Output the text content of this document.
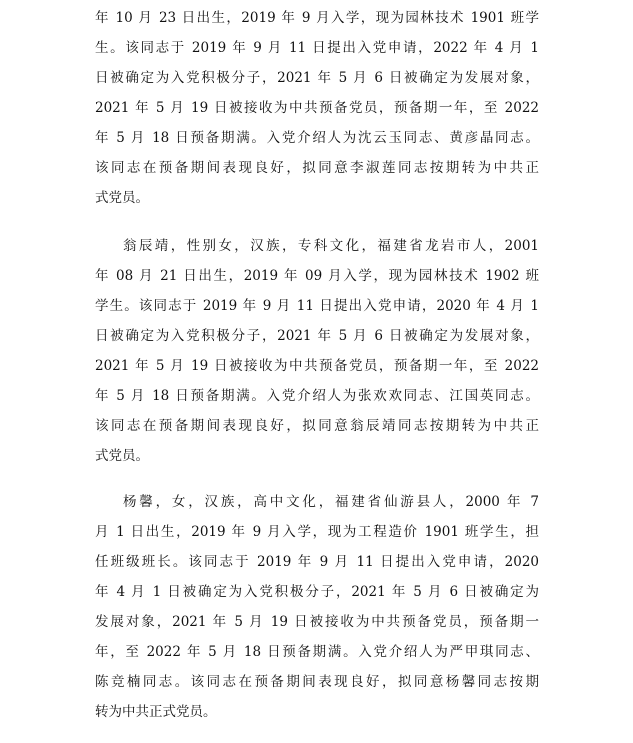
年 10 月 23 日出生，2019 年 9 月入学，现为园林技术 1901 班学
生。该同志于 2019 年 9 月 11 日提出入党申请，2022 年 4 月 1
日被确定为入党积极分子，2021 年 5 月 6 日被确定为发展对象，
2021 年 5 月 19 日被接收为中共预备党员，预备期一年，至 2022
年 5 月 18 日预备期满。入党介绍人为沈云玉同志、黄彦晶同志。
该同志在预备期间表现良好，拟同意李淑莲同志按期转为中共正
式党员。
翁辰靖，性别女，汉族，专科文化，福建省龙岩市人，2001
年 08 月 21 日出生，2019 年 09 月入学，现为园林技术 1902 班
学生。该同志于 2019 年 9 月 11 日提出入党申请，2020 年 4 月 1
日被确定为入党积极分子，2021 年 5 月 6 日被确定为发展对象，
2021 年 5 月 19 日被接收为中共预备党员，预备期一年，至 2022
年 5 月 18 日预备期满。入党介绍人为张欢欢同志、江国英同志。
该同志在预备期间表现良好，拟同意翁辰靖同志按期转为中共正
式党员。
杨馨，女，汉族，高中文化，福建省仙游县人，2000 年 7
月 1 日出生，2019 年 9 月入学，现为工程造价 1901 班学生，担
任班级班长。该同志于 2019 年 9 月 11 日提出入党申请，2020
年 4 月 1 日被确定为入党积极分子，2021 年 5 月 6 日被确定为
发展对象，2021 年 5 月 19 日被接收为中共预备党员，预备期一
年，至 2022 年 5 月 18 日预备期满。入党介绍人为严甲琪同志、
陈竞楠同志。该同志在预备期间表现良好，拟同意杨馨同志按期
转为中共正式党员。
